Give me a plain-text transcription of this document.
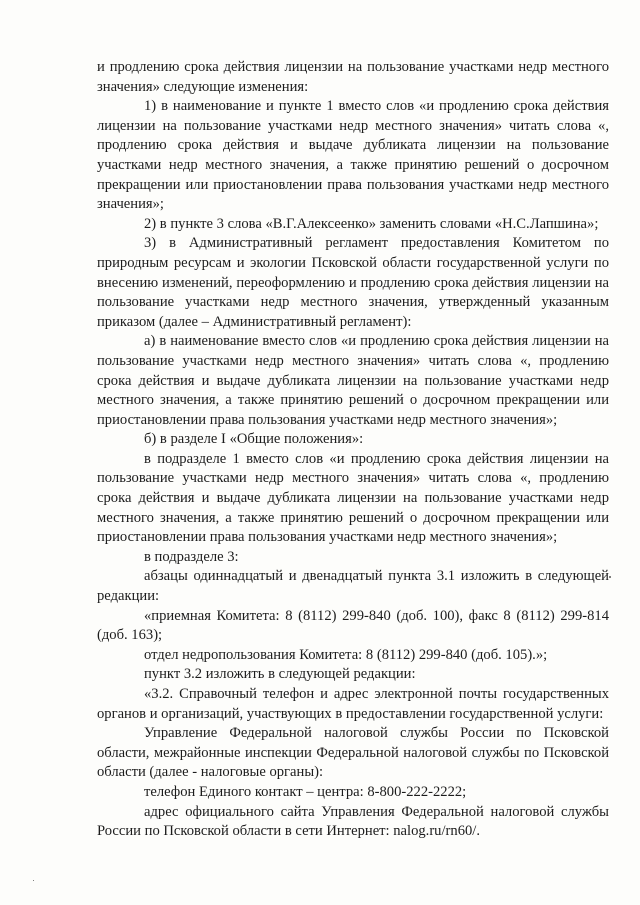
и продлению срока действия лицензии на пользование участками недр местного значения» следующие изменения:

1) в наименование и пункте 1 вместо слов «и продлению срока действия лицензии на пользование участками недр местного значения» читать слова «, продлению срока действия и выдаче дубликата лицензии на пользование участками недр местного значения, а также принятию решений о досрочном прекращении или приостановлении права пользования участками недр местного значения»;

2) в пункте 3 слова «В.Г.Алексеенко» заменить словами «Н.С.Лапшина»;

3) в Административный регламент предоставления Комитетом по природным ресурсам и экологии Псковской области государственной услуги по внесению изменений, переоформлению и продлению срока действия лицензии на пользование участками недр местного значения, утвержденный указанным приказом (далее – Административный регламент):

а) в наименование вместо слов «и продлению срока действия лицензии на пользование участками недр местного значения» читать слова «, продлению срока действия и выдаче дубликата лицензии на пользование участками недр местного значения, а также принятию решений о досрочном прекращении или приостановлении права пользования участками недр местного значения»;

б) в разделе I «Общие положения»:

в подразделе 1 вместо слов «и продлению срока действия лицензии на пользование участками недр местного значения» читать слова «, продлению срока действия и выдаче дубликата лицензии на пользование участками недр местного значения, а также принятию решений о досрочном прекращении или приостановлении права пользования участками недр местного значения»;

в подразделе 3:

абзацы одиннадцатый и двенадцатый пункта 3.1 изложить в следующей редакции:

«приемная Комитета: 8 (8112) 299-840 (доб. 100), факс 8 (8112) 299-814 (доб. 163);

отдел недропользования Комитета: 8 (8112) 299-840 (доб. 105).»;

пункт 3.2 изложить в следующей редакции:

«3.2. Справочный телефон и адрес электронной почты государственных органов и организаций, участвующих в предоставлении государственной услуги:

Управление Федеральной налоговой службы России по Псковской области, межрайонные инспекции Федеральной налоговой службы по Псковской области (далее - налоговые органы):

телефон Единого контакт – центра: 8-800-222-2222;

адрес официального сайта Управления Федеральной налоговой службы России по Псковской области в сети Интернет: nalog.ru/rn60/.
